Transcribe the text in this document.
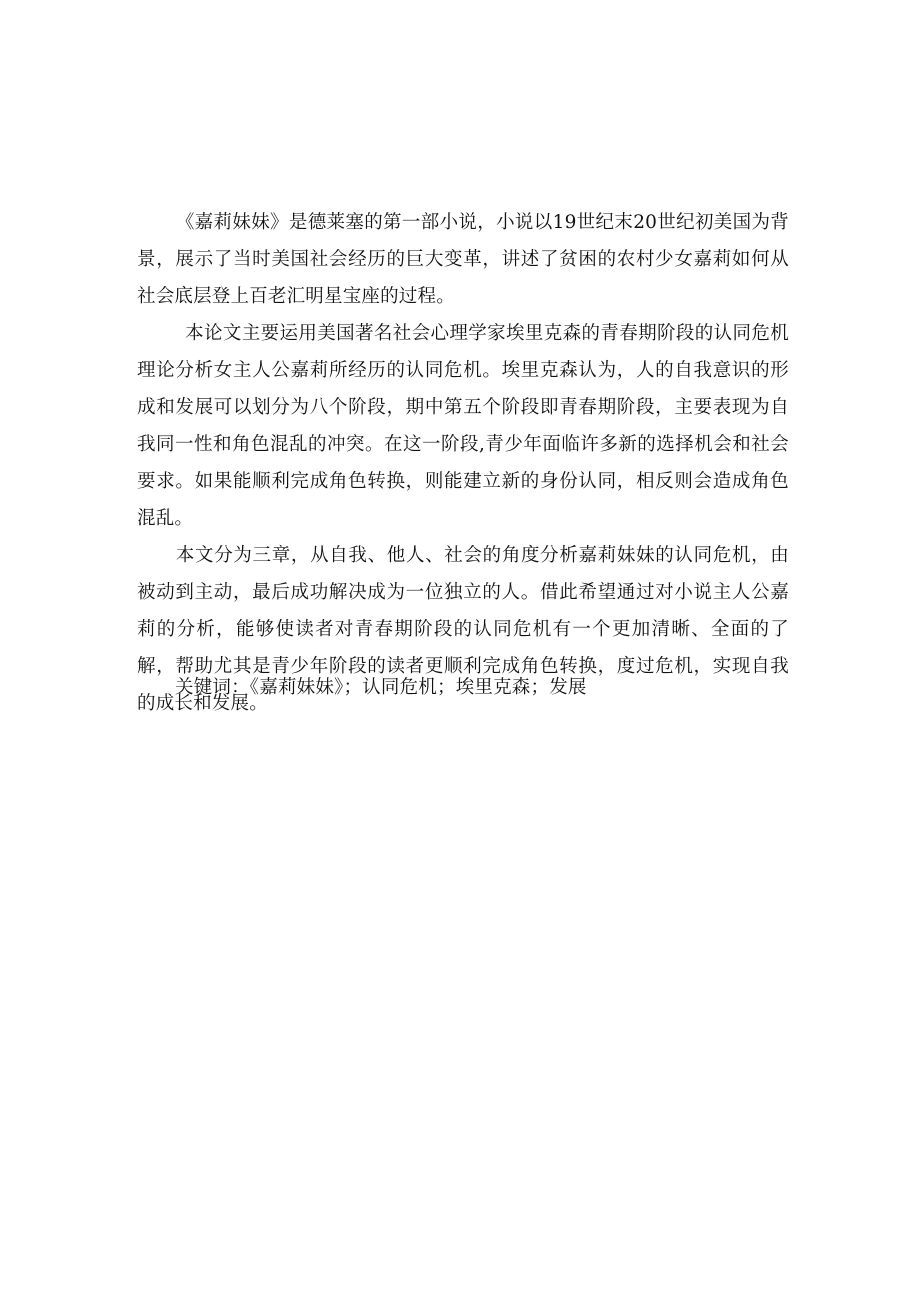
《嘉莉妹妹》是德莱塞的第一部小说，小说以19世纪末20世纪初美国为背景，展示了当时美国社会经历的巨大变革，讲述了贫困的农村少女嘉莉如何从社会底层登上百老汇明星宝座的过程。

本论文主要运用美国著名社会心理学家埃里克森的青春期阶段的认同危机理论分析女主人公嘉莉所经历的认同危机。埃里克森认为，人的自我意识的形成和发展可以划分为八个阶段，期中第五个阶段即青春期阶段，主要表现为自我同一性和角色混乱的冲突。在这一阶段,青少年面临许多新的选择机会和社会要求。如果能顺利完成角色转换，则能建立新的身份认同，相反则会造成角色混乱。

本文分为三章，从自我、他人、社会的角度分析嘉莉妹妹的认同危机，由被动到主动，最后成功解决成为一位独立的人。借此希望通过对小说主人公嘉莉的分析，能够使读者对青春期阶段的认同危机有一个更加清晰、全面的了解，帮助尤其是青少年阶段的读者更顺利完成角色转换，度过危机，实现自我的成长和发展。

关键词：《嘉莉妹妹》；认同危机；埃里克森；发展
